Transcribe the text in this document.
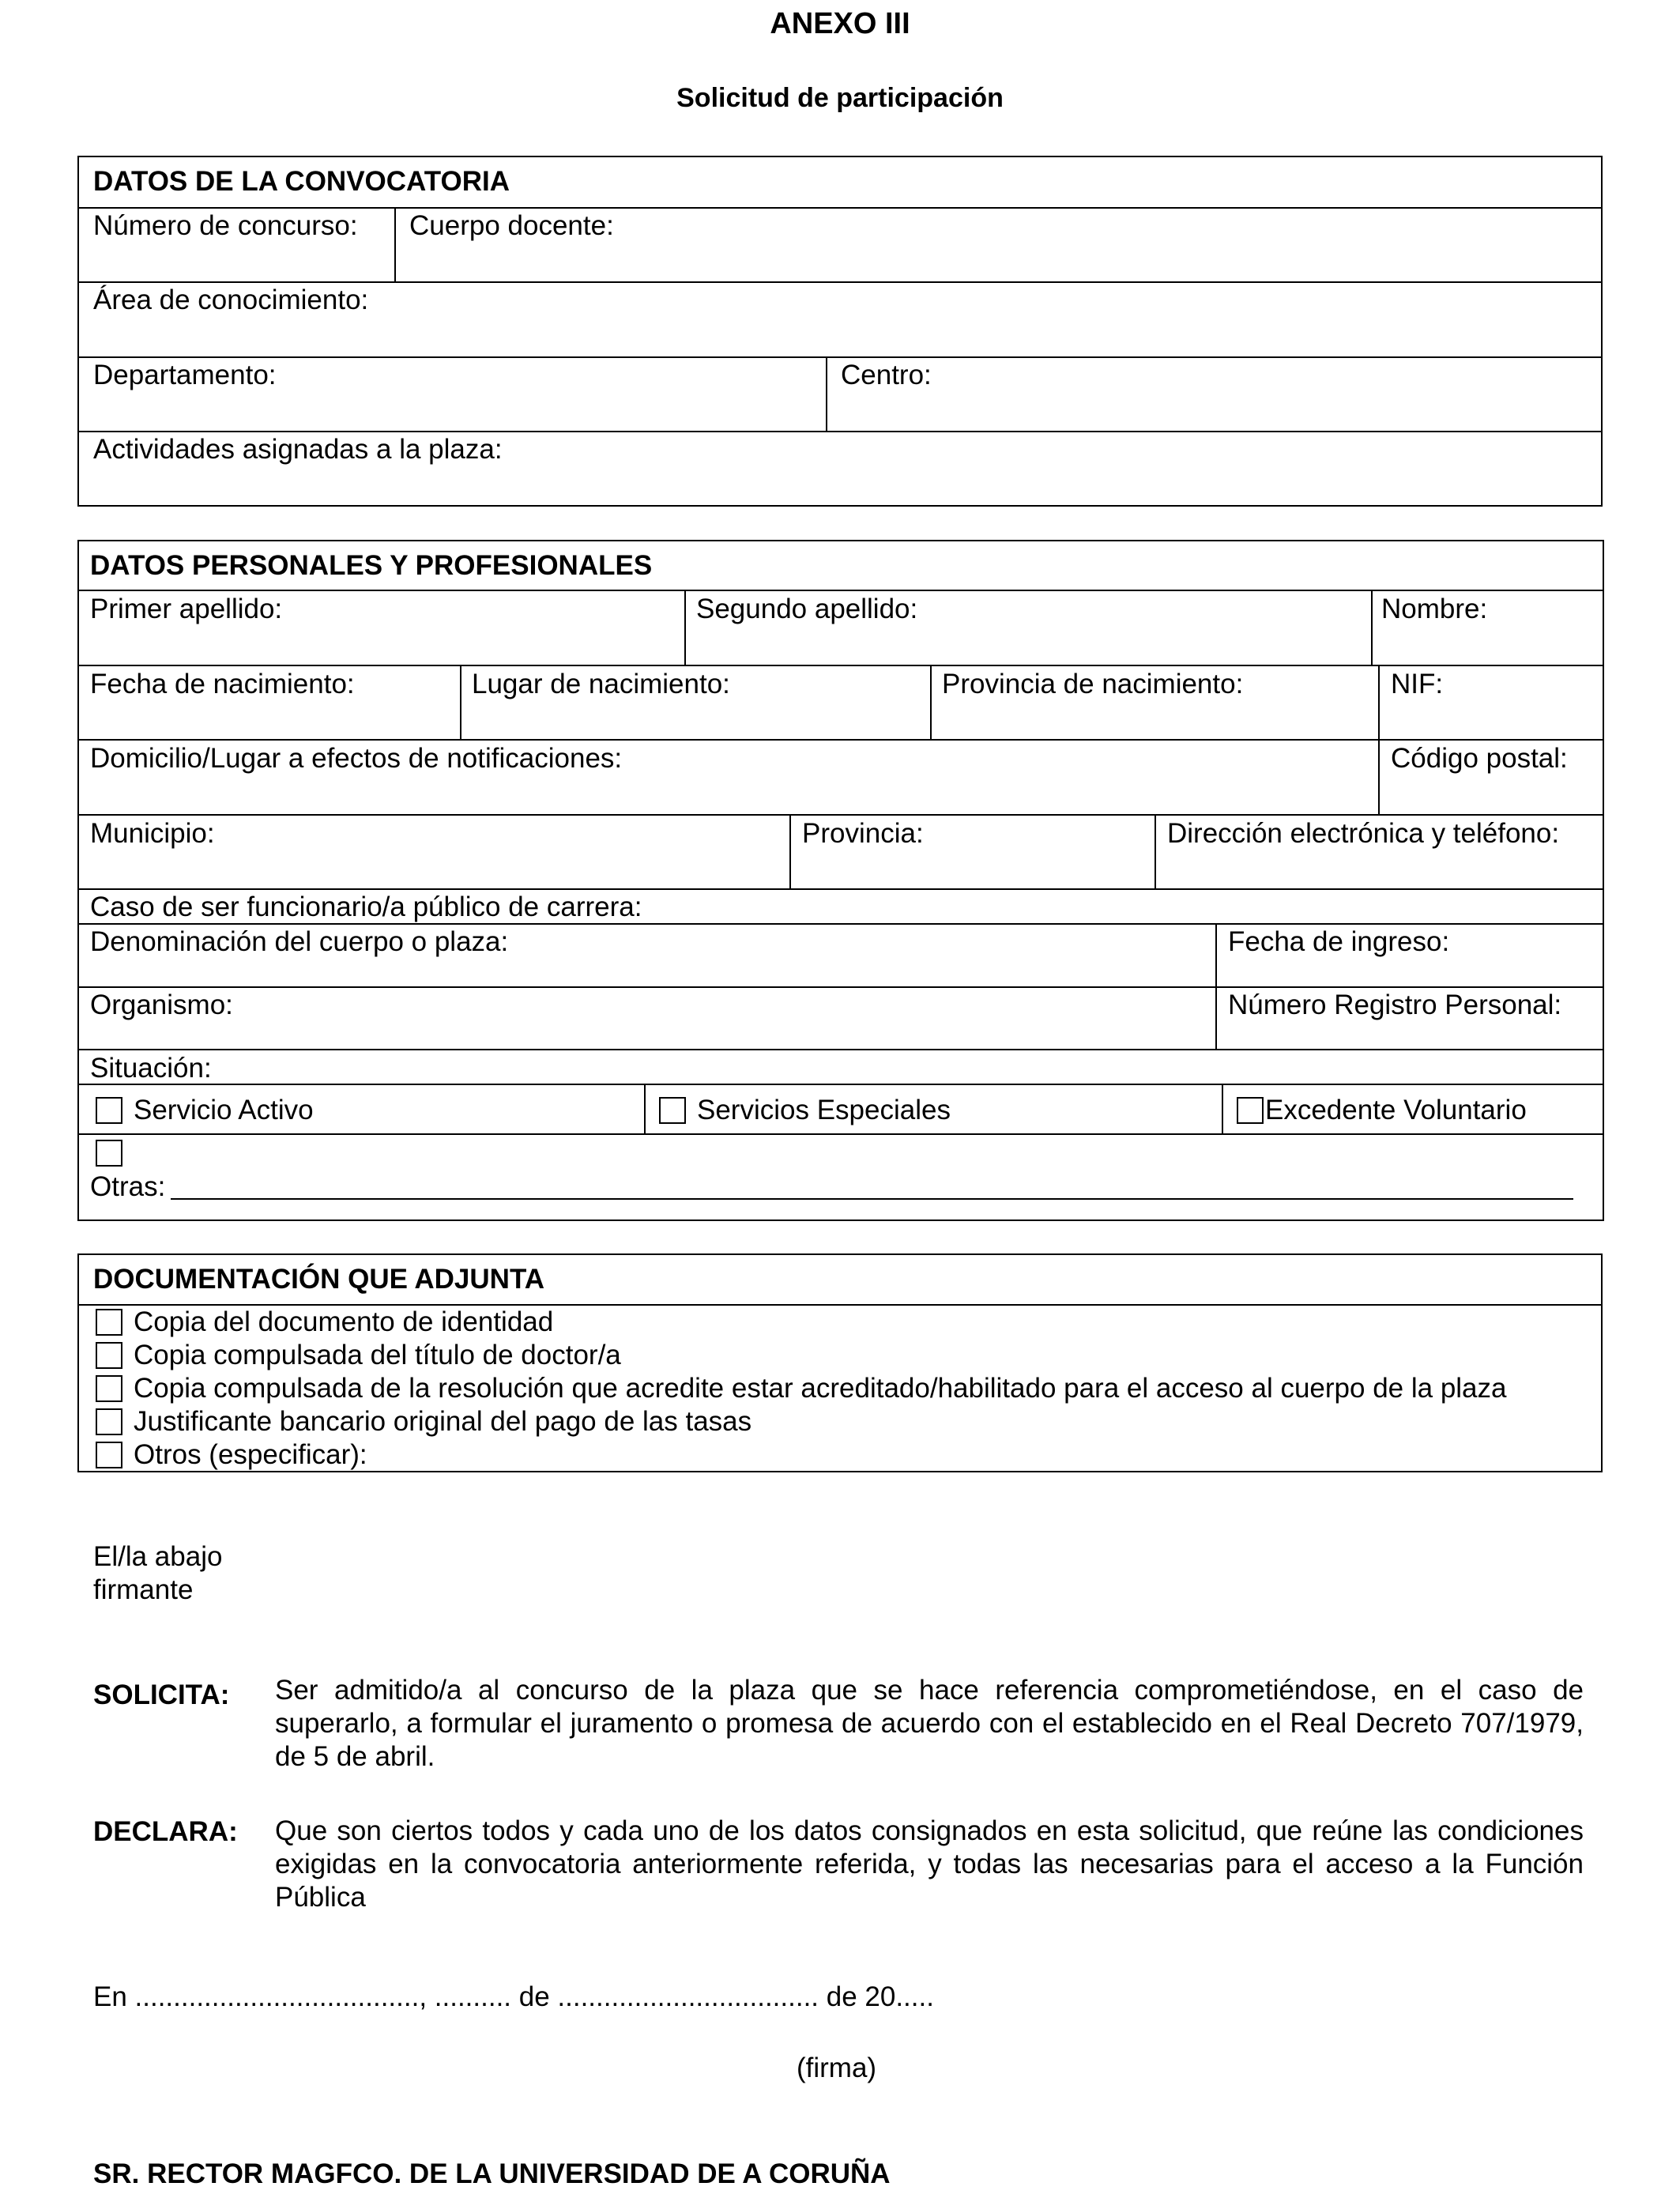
ANEXO III
Solicitud de participación
DATOS DE LA CONVOCATORIA
Número de concurso: Cuerpo docente:
Área de conocimiento:
Departamento:	Centro:
Actividades asignadas a la plaza:
DATOS PERSONALES Y PROFESIONALES
Primer apellido:	Segundo apellido:	Nombre:
Fecha de nacimiento:	Lugar de nacimiento:	Provincia de nacimiento:	NIF:
Domicilio/Lugar a efectos de notificaciones:	Código postal:
Municipio:	Provincia:	Dirección electrónica y teléfono:
Caso de ser funcionario/a público de carrera:
Denominación del cuerpo o plaza:	Fecha de ingreso:
Organismo:	Número Registro Personal:
Situación:
Servicio Activo	Servicios Especiales	Excedente Voluntario
Otras:
DOCUMENTACIÓN QUE ADJUNTA
Copia del documento de identidad
Copia compulsada del título de doctor/a
Copia compulsada de la resolución que acredite estar acreditado/habilitado para el acceso al cuerpo de la plaza
Justificante bancario original del pago de las tasas
Otros (especificar):
El/la abajo
firmante
SOLICITA: Ser admitido/a al concurso de la plaza que se hace referencia comprometiéndose, en el caso de superarlo, a formular el juramento o promesa de acuerdo con el establecido en el Real Decreto 707/1979, de 5 de abril.
DECLARA: Que son ciertos todos y cada uno de los datos consignados en esta solicitud, que reúne las condiciones exigidas en la convocatoria anteriormente referida, y todas las necesarias para el acceso a la Función Pública
En ....................................., .......... de .................................. de 20.....
(firma)
SR. RECTOR MAGFCO. DE LA UNIVERSIDAD DE A CORUÑA
